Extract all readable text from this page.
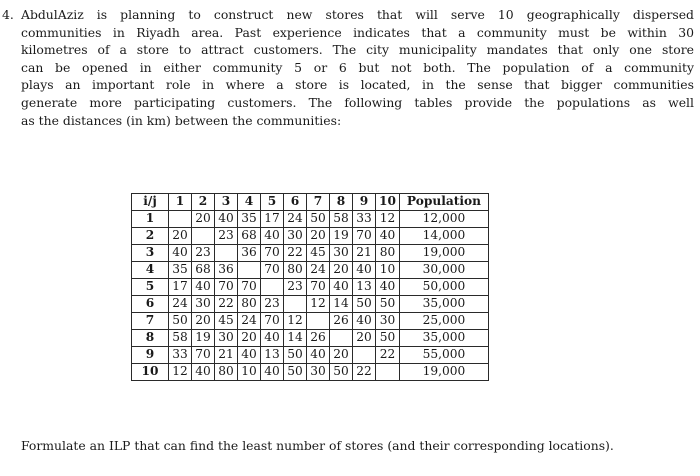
4. AbdulAziz is planning to construct new stores that will serve 10 geographically dispersed
communities in Riyadh area. Past experience indicates that a community must be within 30
kilometres of a store to attract customers. The city municipality mandates that only one store
can be opened in either community 5 or 6 but not both. The population of a community
plays an important role in where a store is located, in the sense that bigger communities
generate more participating customers. The following tables provide the populations as well
as the distances (in km) between the communities:
i/j	1	2	3	4	5	6	7	8	9	10	Population
1		20	40	35	17	24	50	58	33	12	12,000
2	20		23	68	40	30	20	19	70	40	14,000
3	40	23		36	70	22	45	30	21	80	19,000
4	35	68	36		70	80	24	20	40	10	30,000
5	17	40	70	70		23	70	40	13	40	50,000
6	24	30	22	80	23		12	14	50	50	35,000
7	50	20	45	24	70	12		26	40	30	25,000
8	58	19	30	20	40	14	26		20	50	35,000
9	33	70	21	40	13	50	40	20		22	55,000
10	12	40	80	10	40	50	30	50	22		19,000
Formulate an ILP that can find the least number of stores (and their corresponding locations).
